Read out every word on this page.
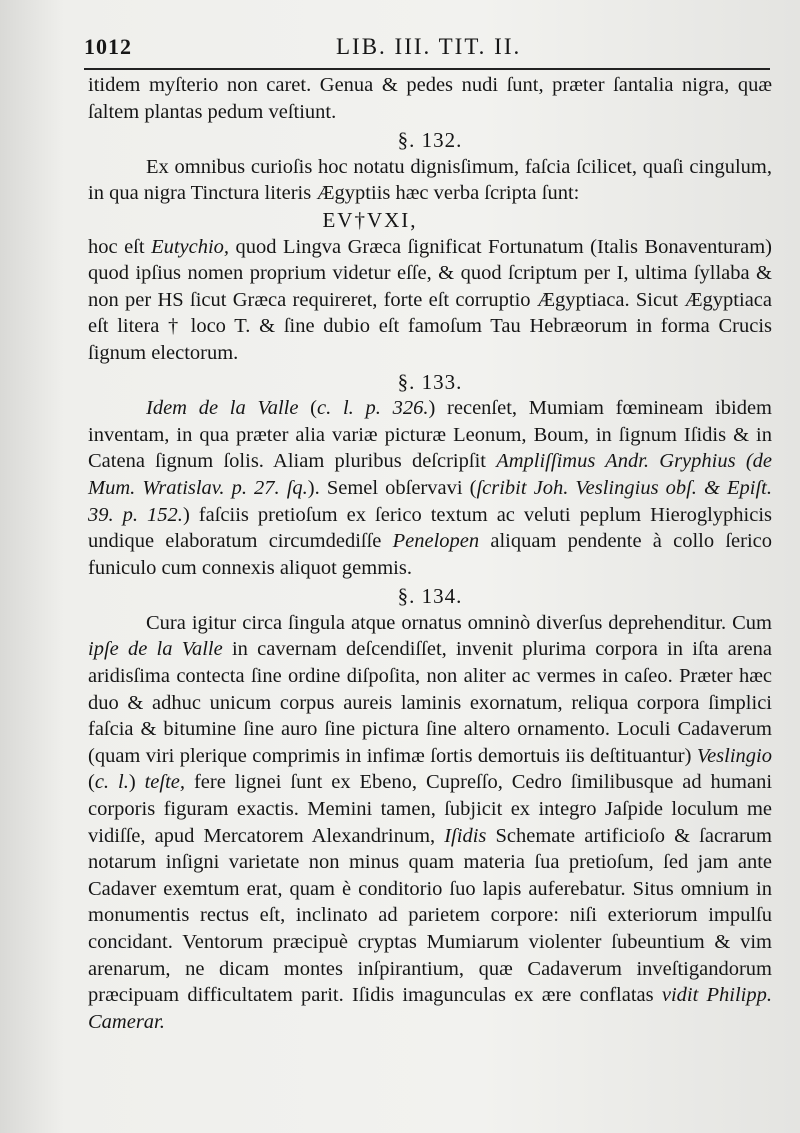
1012	LIB. III. TIT. II.

itidem myſterio non caret. Genua & pedes nudi ſunt, præter ſantalia nigra, quæ ſaltem plantas pedum veſtiunt.

§. 132.

Ex omnibus curioſis hoc notatu dignisſimum, faſcia ſcilicet, quaſi cingulum, in qua nigra Tinctura literis Ægyptiis hæc verba ſcripta ſunt:

EV†VXI,

hoc eſt Eutychio, quod Lingva Græca ſignificat Fortunatum (Italis Bonaventuram) quod ipſius nomen proprium videtur eſſe, & quod ſcriptum per I, ultima ſyllaba & non per HS ſicut Græca requireret, forte eſt corruptio Ægyptiaca. Sicut Ægyptiaca eſt litera † loco T. & ſine dubio eſt famoſum Tau Hebræorum in forma Crucis ſignum electorum.

§. 133.

Idem de la Valle (c. l. p. 326.) recenſet, Mumiam fœmineam ibidem inventam, in qua præter alia variæ picturæ Leonum, Boum, in ſignum Iſidis & in Catena ſignum ſolis. Aliam pluribus deſcripſit Ampliſſimus Andr. Gryphius (de Mum. Wratislav. p. 27. ſq.). Semel obſervavi (ſcribit Joh. Veslingius obſ. & Epiſt. 39. p. 152.) faſciis pretioſum ex ſerico textum ac veluti peplum Hieroglyphicis undique elaboratum circumdediſſe Penelopen aliquam pendente à collo ſerico funiculo cum connexis aliquot gemmis.

§. 134.

Cura igitur circa ſingula atque ornatus omninò diverſus deprehenditur. Cum ipſe de la Valle in cavernam deſcendiſſet, invenit plurima corpora in iſta arena aridisſima contecta ſine ordine diſpoſita, non aliter ac vermes in caſeo. Præter hæc duo & adhuc unicum corpus aureis laminis exornatum, reliqua corpora ſimplici faſcia & bitumine ſine auro ſine pictura ſine altero ornamento. Loculi Cadaverum (quam viri plerique comprimis in infimæ ſortis demortuis iis deſtituantur) Veslingio (c. l.) teſte, fere lignei ſunt ex Ebeno, Cupreſſo, Cedro ſimilibusque ad humani corporis figuram exactis. Memini tamen, ſubjicit ex integro Jaſpide loculum me vidiſſe, apud Mercatorem Alexandrinum, Iſidis Schemate artificioſo & ſacrarum notarum inſigni varietate non minus quam materia ſua pretioſum, ſed jam ante Cadaver exemtum erat, quam è conditorio ſuo lapis auferebatur. Situs omnium in monumentis rectus eſt, inclinato ad parietem corpore: niſi exteriorum impulſu concidant. Ventorum præcipuè cryptas Mumiarum violenter ſubeuntium & vim arenarum, ne dicam montes inſpirantium, quæ Cadaverum inveſtigandorum præcipuam difficultatem parit. Iſidis imagunculas ex ære conflatas vidit Philipp. Camerar.
